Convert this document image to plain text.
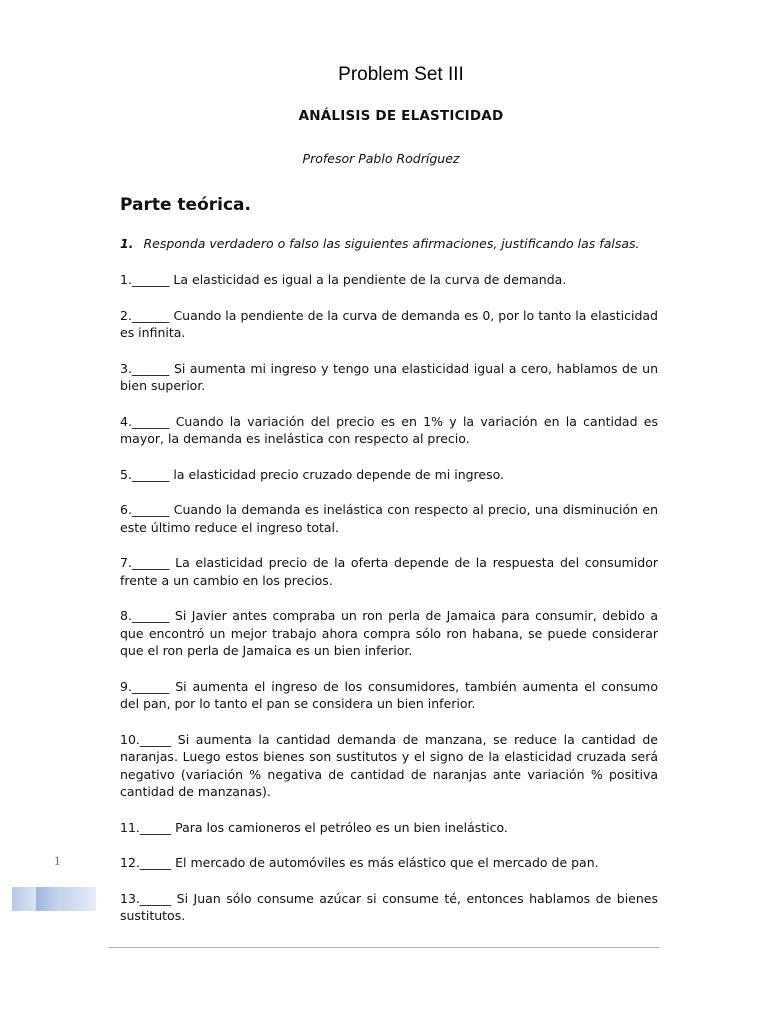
Problem Set III
ANÁLISIS DE ELASTICIDAD
Profesor Pablo Rodríguez
Parte teórica.
1. Responda verdadero o falso las siguientes afirmaciones, justificando las falsas.

1.______ La elasticidad es igual a la pendiente de la curva de demanda.

2.______ Cuando la pendiente de la curva de demanda es 0, por lo tanto la elasticidad es infinita.

3.______ Si aumenta mi ingreso y tengo una elasticidad igual a cero, hablamos de un bien superior.

4.______ Cuando la variación del precio es en 1% y la variación en la cantidad es mayor, la demanda es inelástica con respecto al precio.

5.______ la elasticidad precio cruzado depende de mi ingreso.

6.______ Cuando la demanda es inelástica con respecto al precio, una disminución en este último reduce el ingreso total.

7.______ La elasticidad precio de la oferta depende de la respuesta del consumidor frente a un cambio en los precios.

8.______ Si Javier antes compraba un ron perla de Jamaica para consumir, debido a que encontró un mejor trabajo ahora compra sólo ron habana, se puede considerar que el ron perla de Jamaica es un bien inferior.

9.______ Si aumenta el ingreso de los consumidores, también aumenta el consumo del pan, por lo tanto el pan se considera un bien inferior.

10._____ Si aumenta la cantidad demanda de manzana, se reduce la cantidad de naranjas. Luego estos bienes son sustitutos y el signo de la elasticidad cruzada será negativo (variación % negativa de cantidad de naranjas ante variación % positiva cantidad de manzanas).

11._____ Para los camioneros el petróleo es un bien inelástico.

12._____ El mercado de automóviles es más elástico que el mercado de pan.

13._____ Si Juan sólo consume azúcar si consume té, entonces hablamos de bienes sustitutos.

1
